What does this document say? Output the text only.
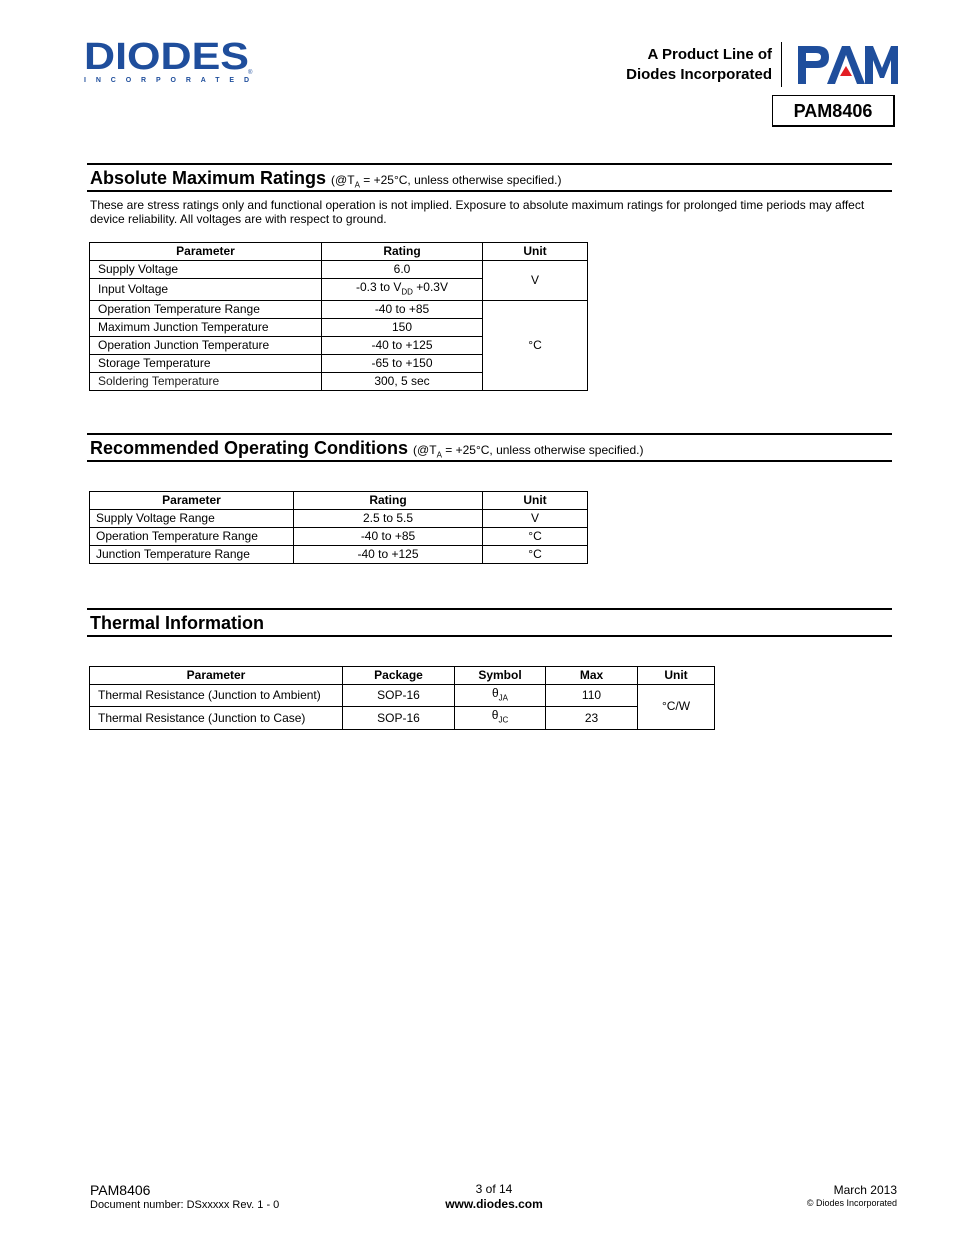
DIODES
INCORPORATED
®
A Product Line of
Diodes Incorporated
PAM
PAM8406
Absolute Maximum Ratings ($@T_A = +25^\circ C$, unless otherwise specified.)
These are stress ratings only and functional operation is not implied. Exposure to absolute maximum ratings for prolonged time periods may affect device reliability. All voltages are with respect to ground.
Parameter	Rating	Unit
Supply Voltage	6.0	V
Input Voltage	-0.3 to $V_{DD} +0.3V$	
Operation Temperature Range	-40 to +85	°C
Maximum Junction Temperature	150	
Operation Junction Temperature	-40 to +125	
Storage Temperature	-65 to +150	
Soldering Temperature	300, 5 sec	
Recommended Operating Conditions ($@T_A = +25^\circ C$, unless otherwise specified.)
Parameter	Rating	Unit
Supply Voltage Range	2.5 to 5.5	V
Operation Temperature Range	-40 to +85	°C
Junction Temperature Range	-40 to +125	°C
Thermal Information
Parameter	Package	Symbol	Max	Unit
Thermal Resistance (Junction to Ambient)	SOP-16	$\theta_{JA}$	110	°C/W
Thermal Resistance (Junction to Case)	SOP-16	$\theta_{JC}$	23	
PAM8406
Document number: DSxxxxx Rev. 1 - 0
3 of 14
www.diodes.com
March 2013
© Diodes Incorporated
